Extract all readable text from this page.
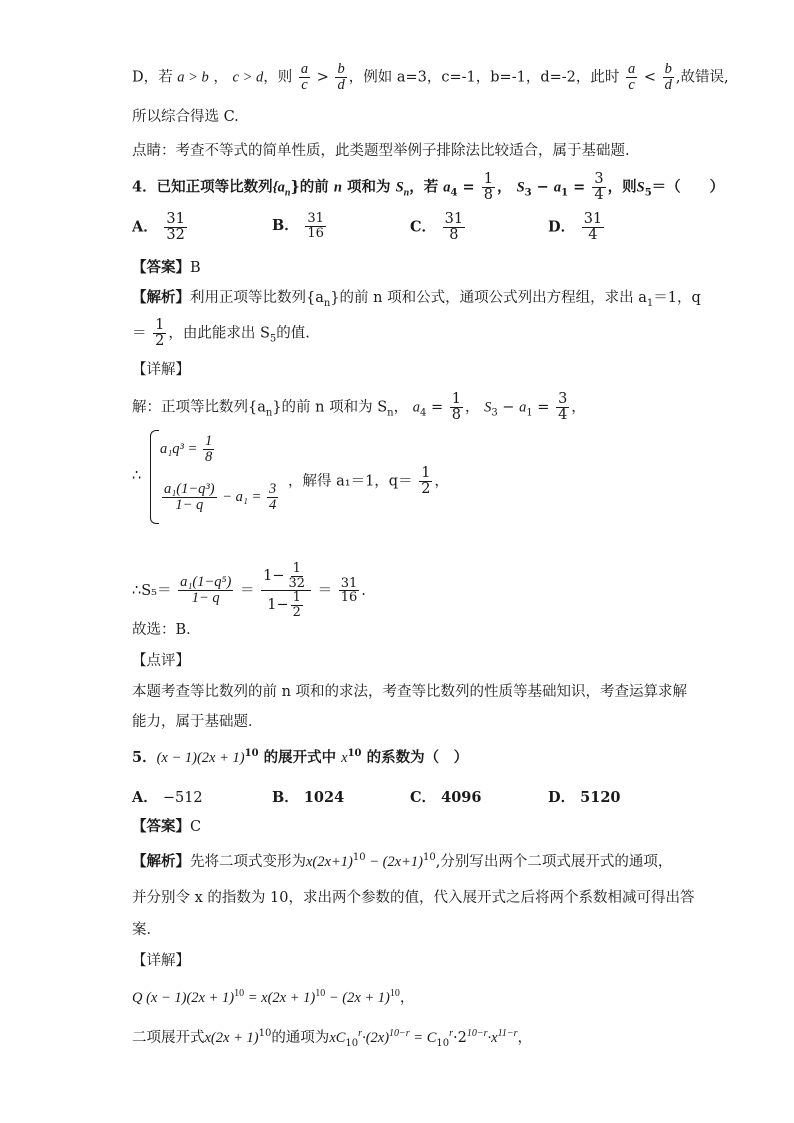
D，若 a > b ， c > d，则 $\frac{a}{c} > \frac{b}{d}$ ，例如 a=3，c=-1，b=-1，d=-2，此时 $\frac{a}{c} < \frac{b}{d}$ ,故错误,
所以综合得选 C.
点睛：考查不等式的简单性质，此类题型举例子排除法比较适合，属于基础题.
4．已知正项等比数列$\{a_n\}$的前 n 项和为 $S_n$，若 $a_4 = \frac{1}{8}$ ， $S_3 - a_1 = \frac{3}{4}$ ，则$S_5=$（　　）
A． $\frac{31}{32}$	B． $\frac{31}{16}$	C． $\frac{31}{8}$	D． $\frac{31}{4}$
【答案】B
【解析】利用正项等比数列$\{a_n\}$的前 n 项和公式，通项公式列出方程组，求出 $a_1=1$，q
＝ $\frac{1}{2}$ ，由此能求出 $S_5$的值.
【详解】
解：正项等比数列$\{a_n\}$的前 n 项和为 $S_n$， $a_4 = \frac{1}{8}$ ， $S_3 - a_1 = \frac{3}{4}$ ，
∴
$a_1q^3 = \frac{1}{8}$
$\frac{\text{a₁(1−q³)}}{1- q} - a_1 = \frac{3}{4}$
，解得 a₁＝1，$q= \frac{1}{2}$ ，
∴S₅＝ $\frac{\text{a₁(1−q⁵)}}{1- q} = \frac{1- \frac{1}{32}}{1- \frac{1}{2}} = \frac{31}{16}$ .
故选：B．
【点评】
本题考查等比数列的前 n 项和的求法，考查等比数列的性质等基础知识，考查运算求解
能力，属于基础题．
5．$(x - 1)(2x + 1)^{10}$ 的展开式中 $x^{10}$ 的系数为（　）
A． −512	B． 1024	C． 4096	D． 5120
【答案】C
【解析】先将二项式变形为$x(2x+1)^{10} - (2x+1)^{10}$,分别写出两个二项式展开式的通项，
并分别令 x 的指数为 10，求出两个参数的值，代入展开式之后将两个系数相减可得出答
案．
【详解】
Q $(x - 1)(2x + 1)^{10} = x(2x + 1)^{10} - (2x + 1)^{10}$，
二项展开式$x(2x + 1)^{10}$的通项为$xC_{10}^r\cdot(2x)^{10-r} = C_{10}^r\cdot 2^{10-r}\cdot x^{11-r}$，
